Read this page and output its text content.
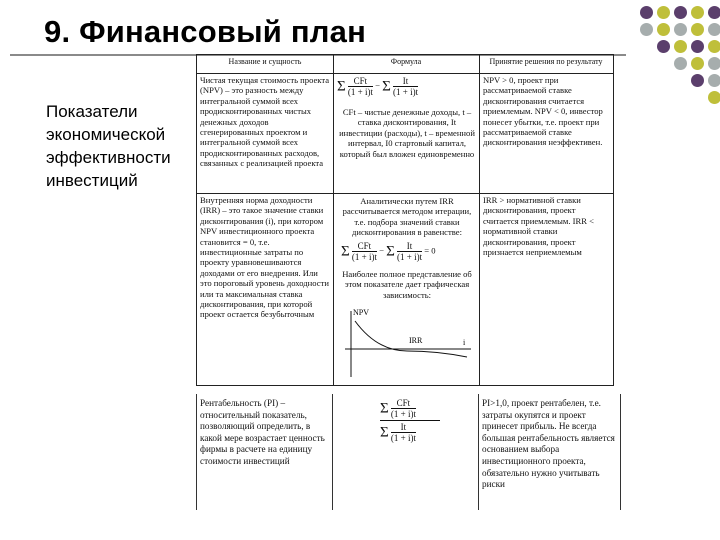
9. Финансовый план
Показатели экономической эффективности инвестиций
Название и сущность	Формула	Принятие решения по результату
Чистая текущая стоимость проекта (NPV) – это разность между интегральной суммой всех продисконтированных чистых денежных доходов сгенерированных проектом и интегральной суммой всех продисконтированных расходов, связанных с реализацией проекта
Σ $\frac{\text{CFt}}{(1 + i)t} - \Sigma \frac{It}{(1 + i)t}$
CFt – чистые денежные доходы, t – ставка дисконтирования, It инвестиции (расходы), t – временной интервал, I0 стартовый капитал, который был вложен единовременно
NPV > 0, проект при рассматриваемой ставке дисконтирования считается приемлемым. NPV < 0, инвестор понесет убытки, т.е. проект при рассматриваемой ставке дисконтирования неэффективен.
Внутренняя норма доходности (IRR) – это такое значение ставки дисконтирования (i), при котором NPV инвестиционного проекта становится = 0, т.е. инвестиционные затраты по проекту уравновешиваются доходами от его внедрения. Или это пороговый уровень доходности или та максимальная ставка дисконтирования, при которой проект остается безубыточным
Аналитически путем IRR рассчитывается методом итерации, т.е. подбора значений ставки дисконтирования в равенстве:
Σ $\frac{\text{CFt}}{(1 + i)t} - \Sigma \frac{It}{(1 + i)t} = 0$
Наиболее полное представление об этом показателе дает графическая зависимость:
NPV
i
IRR
IRR > нормативной ставки дисконтирования, проект считается приемлемым. IRR < нормативной ставки дисконтирования, проект признается неприемлемым
Рентабельность (PI) – относительный показатель, позволяющий определить, в какой мере возрастает ценность фирмы в расчете на единицу стоимости инвестиций
Σ $\frac{\text{CFt}}{(1 + i)t}$
Σ $\frac{It}{(1 + i)t}$
PI>1,0, проект рентабелен, т.е. затраты окупятся и проект принесет прибыль. Не всегда большая рентабельность является основанием выбора инвестиционного проекта, обязательно нужно учитывать риски
